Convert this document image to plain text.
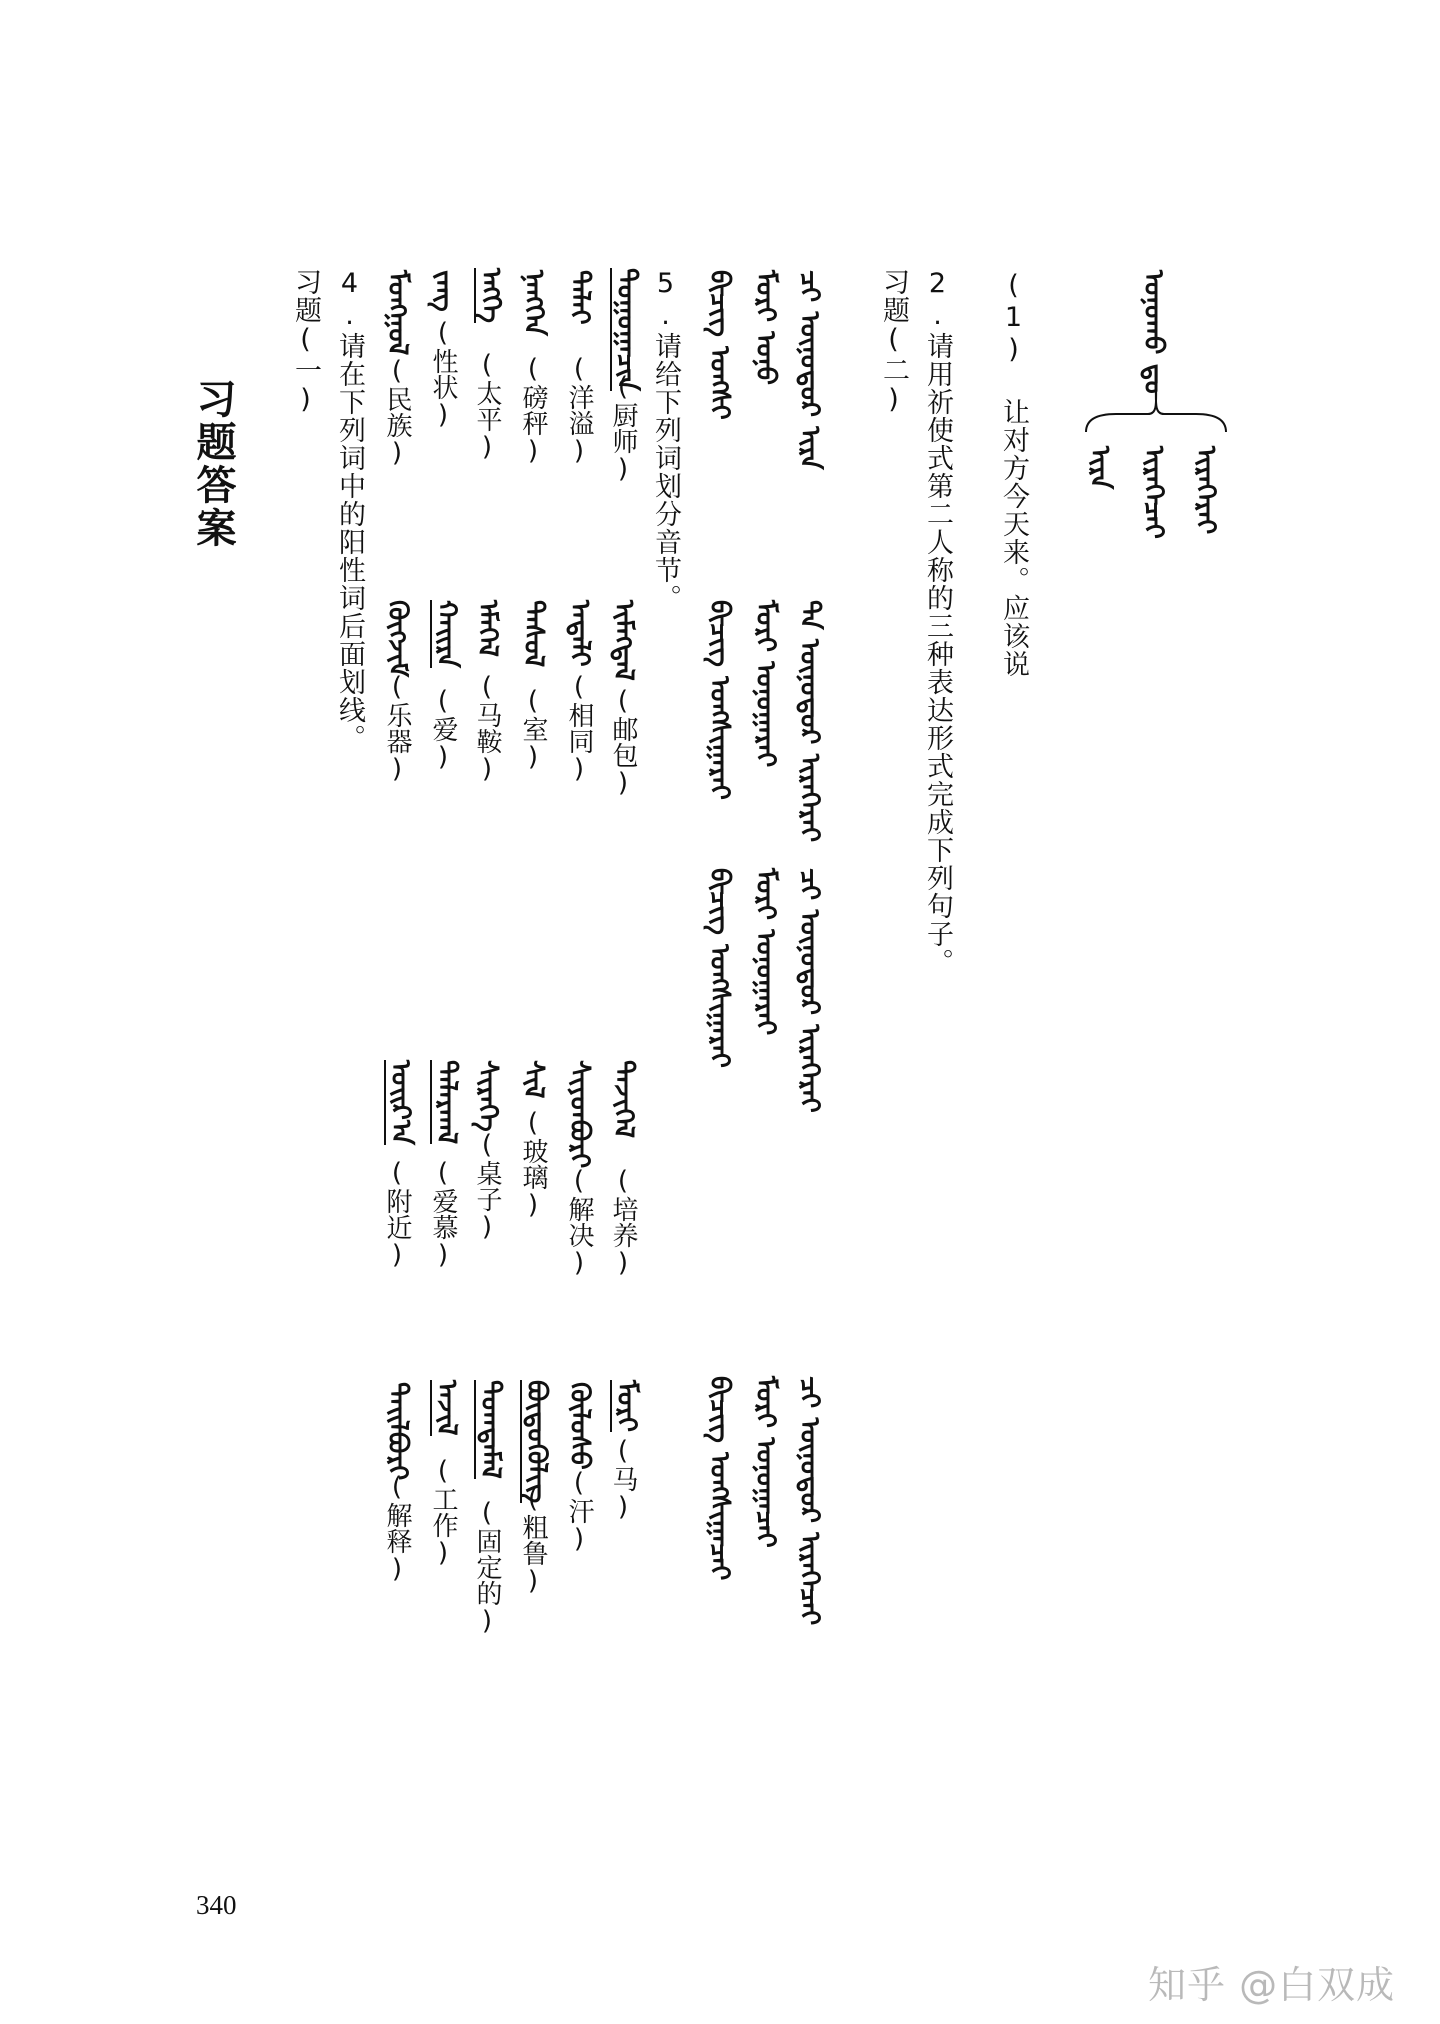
习题答案
习题(一) 4.请在下列词中的阳性词后面划线。 ᠮᠣᠩᠭᠣᠯ
(民族)
ᠵᠠᠩ
(性状)
ᠡᠩᠭᠡ
(太平)
ᠨᠡᠩᠭᠡᠨ
(磅秤)
ᠳᠠᠯᠠᠢ
(洋溢)
ᠬᠦᠭᠵᠢᠮ
(乐器)
ᠬᠠᠢᠷᠠ
(爱)
ᠡᠮᠡᠭᠡᠯ
(马鞍)
ᠲᠠᠰᠤᠯ
(室)
ᠠᠳᠠᠯᠢ
(相同)
ᠣᠢᠷ᠎ᠠ
(附近)
ᠲᠠᠯᠠᠷᠬᠠᠯ
(爱慕)
ᠰᠢᠷᠡᠭᠡ
(桌子)
ᠰᠢᠯ
(玻璃) ᠰᠢᠶᠳᠪᠦᠷᠢ
(解决)
ᠲᠠᠢᠯᠪᠤᠷᠢ
(解释)
ᠠᠵᠢᠯ
(工作)
ᠲᠣᠭᠲᠠᠮᠠᠯ
(固定的)
ᠪᠦᠳᠦᠭᠦᠯᠢᠭ
(粗鲁)
ᠬᠥᠯᠦᠰᠦ
(汗)
5.请给下列词划分音节。
ᠲᠣᠭᠣᠭᠠᠴᠢᠨ
(厨师)
ᠢᠮᠡᠭᠲᠠᠯ
(邮包)
ᠲᠡᠵᠢᠭᠡᠯ
(培养)
ᠮᠣᠷᠢ
(马)
习题(二) 2.请用祈使式第二人称的三种表达形式完成下列句子。
ᠪᠢᠴᠢᠭ ᠤᠩᠰᠢ
ᠪᠢᠴᠢᠭ ᠤᠩᠰᠢᠭᠠᠷᠠᠢ
ᠪᠢᠴᠢᠭ ᠤᠩᠰᠢᠭᠠᠷᠠᠢ
ᠪᠢᠴᠢᠭ ᠤᠩᠰᠢᠭᠠᠴᠠᠢ
ᠮᠣᠷᠢ ᠤᠨᠤ
ᠮᠣᠷᠢ ᠤᠨᠤᠭᠠᠷᠠᠢ
ᠮᠣᠷᠢ ᠤᠨᠤᠭᠠᠷᠠᠢ
ᠮᠣᠷᠢ ᠤᠨᠤᠭᠠᠴᠠᠢ
ᠴᠢ ᠥᠨᠦᠳᠦᠷ ᠢᠷᠡ
ᠲᠠ ᠥᠨᠦᠳᠦᠷ ᠢᠷᠡᠭᠡᠷᠡᠢ
ᠴᠢ ᠥᠨᠦᠳᠦᠷ ᠢᠷᠡᠭᠡᠷᠡᠢ
ᠴᠢ ᠥᠨᠦᠳᠦᠷ ᠢᠷᠡᠭᠡᠴᠡᠢ
(1) 让对方今天来。应该说	ᠣᠨᠣᠬᠤ ᠳᠤ
ᠢᠷᠡᠭᠡᠷᠡᠢ
ᠢᠷᠡᠭᠡᠴᠡᠢ
ᠢᠷᠡ
340
知乎 @白双成
